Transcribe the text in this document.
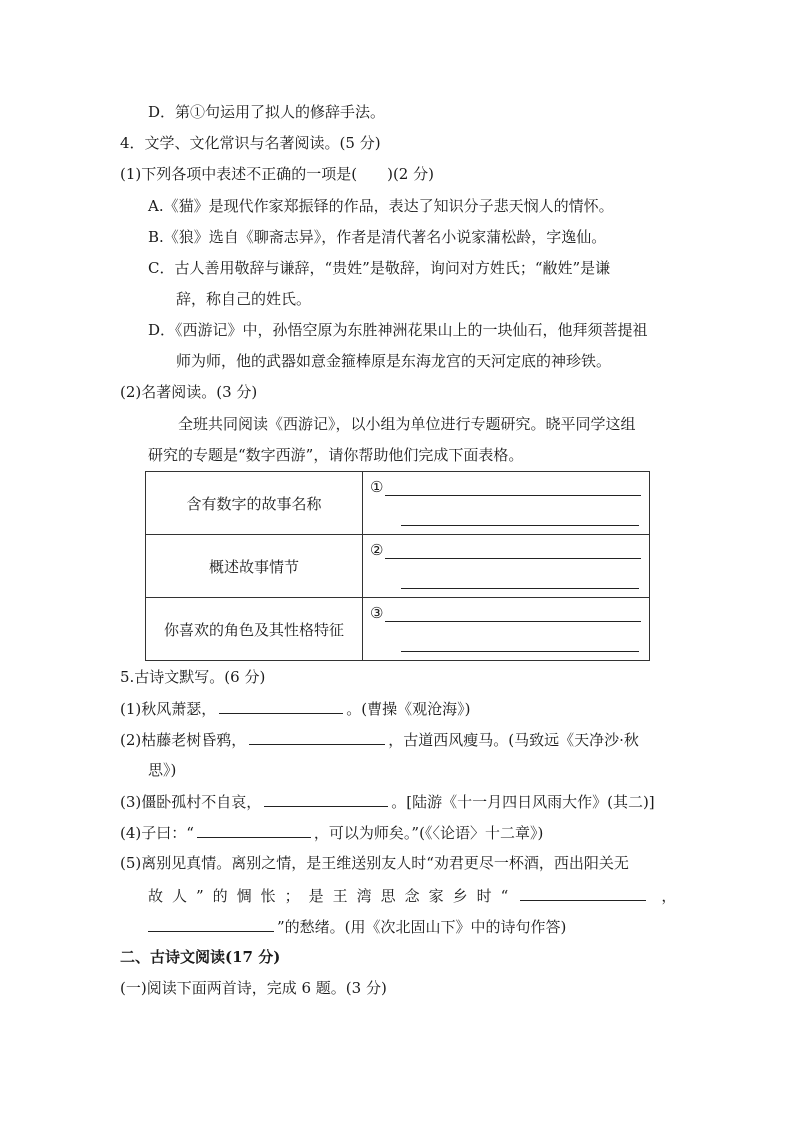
D．第①句运用了拟人的修辞手法。
4．文学、文化常识与名著阅读。(5 分)
(1)下列各项中表述不正确的一项是(　　)(2 分)
A.《猫》是现代作家郑振铎的作品，表达了知识分子悲天悯人的情怀。
B.《狼》选自《聊斋志异》，作者是清代著名小说家蒲松龄，字逸仙。
C．古人善用敬辞与谦辞，“贵姓”是敬辞，询问对方姓氏；“敝姓”是谦
辞，称自己的姓氏。
D．《西游记》中，孙悟空原为东胜神洲花果山上的一块仙石，他拜须菩提祖
师为师，他的武器如意金箍棒原是东海龙宫的天河定底的神珍铁。
(2)名著阅读。(3 分)
全班共同阅读《西游记》，以小组为单位进行专题研究。晓平同学这组
研究的专题是“数字西游”，请你帮助他们完成下面表格。
含有数字的故事名称	①

概述故事情节	②

你喜欢的角色及其性格特征	③
5.古诗文默写。(6 分)
(1)秋风萧瑟，	。(曹操《观沧海》)
(2)枯藤老树昏鸦，	，古道西风瘦马。(马致远《天净沙·秋
思》)
(3)僵卧孤村不自哀，	。[陆游《十一月四日风雨大作》(其二)]
(4)子曰：“	，可以为师矣。”(《〈论语〉十二章》)
(5)离别见真情。离别之情，是王维送别友人时“劝君更尽一杯酒，西出阳关无
故人”的惆怅；是王湾思念家乡时“	，
”的愁绪。(用《次北固山下》中的诗句作答)
二、古诗文阅读(17 分)
(一)阅读下面两首诗，完成 6 题。(3 分)
